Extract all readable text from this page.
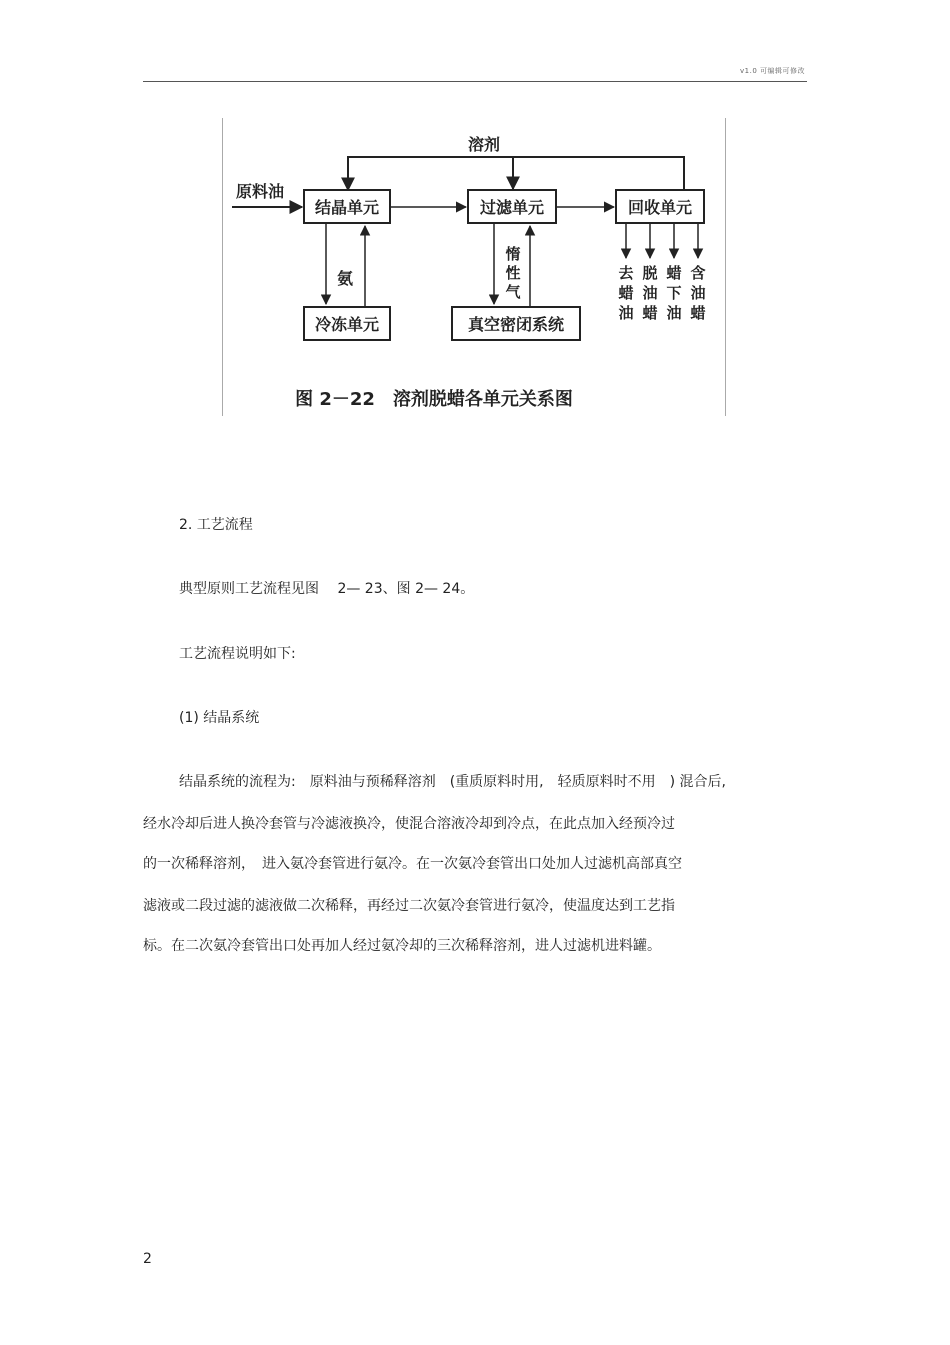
v1.0 可编辑可修改
溶剂
原料油
结晶单元	过滤单元	回收单元
氨
惰
性
气
冷冻单元	真空密闭系统
去
蜡
油
脱
油
蜡
蜡
下
油
含
油
蜡
图 2－22　溶剂脱蜡各单元关系图
2. 工艺流程
典型原则工艺流程见图　 2— 23、图 2— 24。
工艺流程说明如下:
(1) 结晶系统
结晶系统的流程为:　原料油与预稀释溶剂　(重质原料时用,　轻质原料时不用　) 混合后,
经水冷却后进人换冷套管与冷滤液换冷，使混合溶液冷却到冷点，在此点加入经预冷过
的一次稀释溶剂，　进入氨冷套管进行氨冷。在一次氨冷套管出口处加人过滤机高部真空
滤液或二段过滤的滤液做二次稀释，再经过二次氨冷套管进行氨冷，使温度达到工艺指
标。在二次氨冷套管出口处再加人经过氨冷却的三次稀释溶剂，进人过滤机进料罐。
2
